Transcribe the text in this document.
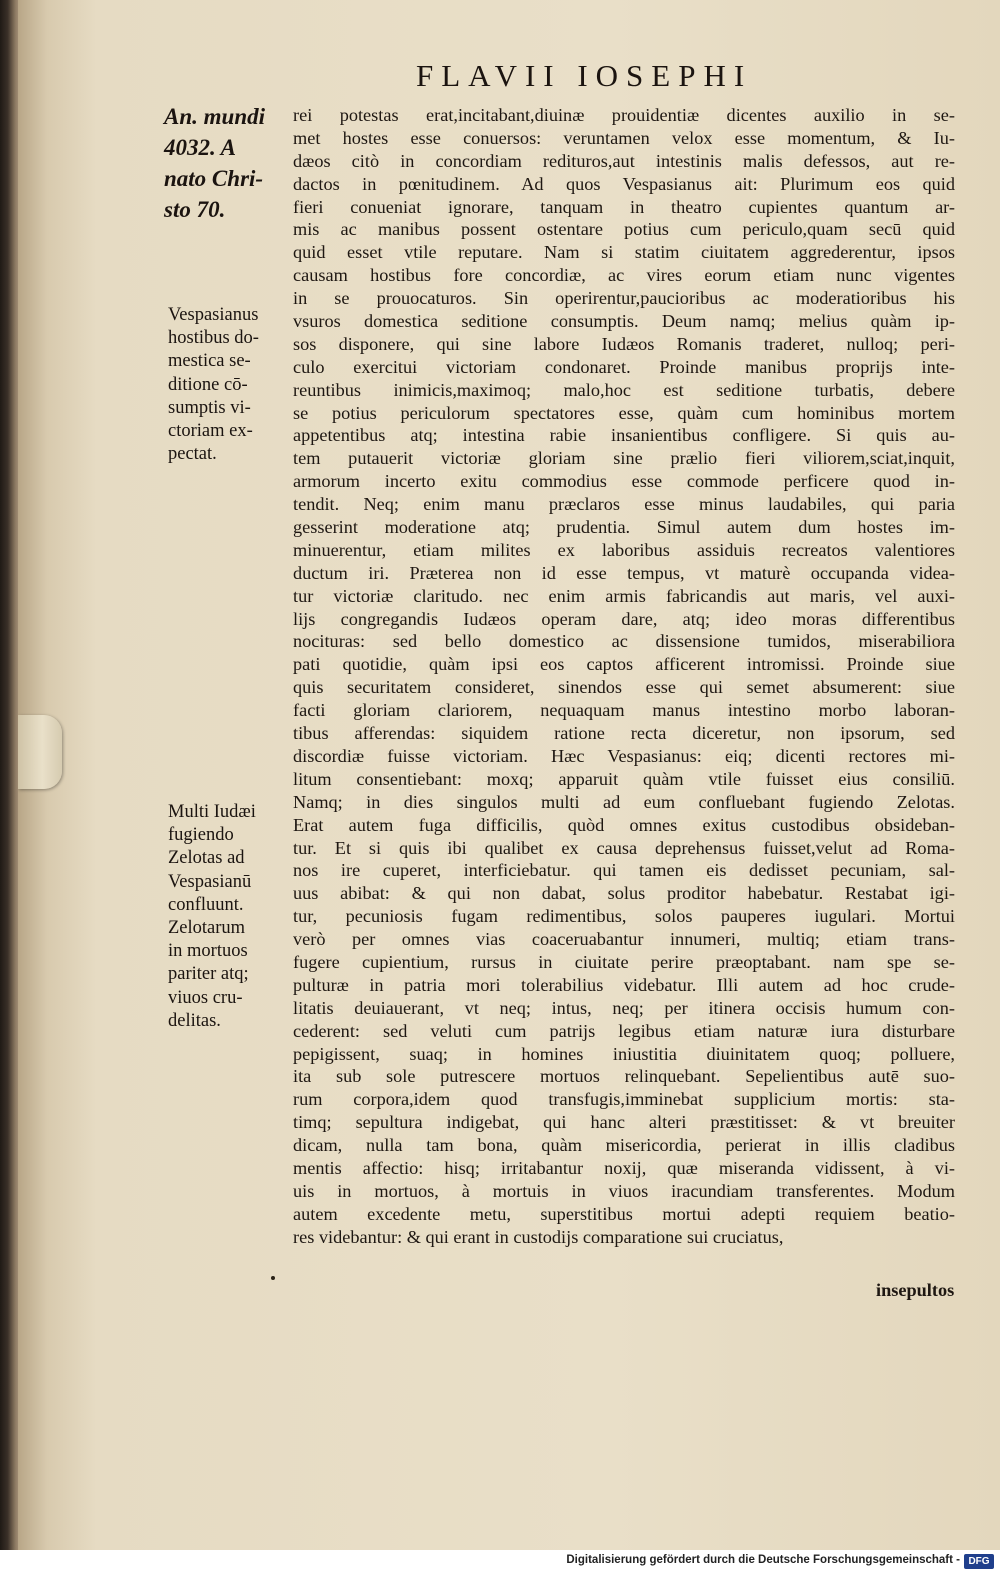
FLAVII IOSEPHI
An. mundi
4032. A
nato Chri-
sto 70.
Vespasianus
hostibus do-
mestica se-
ditione cō-
sumptis vi-
ctoriam ex-
pectat.
Multi Iudæi
fugiendo
Zelotas ad
Vespasianū
confluunt.
Zelotarum
in mortuos
pariter atq;
viuos cru-
delitas.
rei potestas erat,incitabant,diuinæ prouidentiæ dicentes auxilio in se-
met hostes esse conuersos: veruntamen velox esse momentum, & Iu-
dæos citò in concordiam redituros,aut intestinis malis defessos, aut re-
dactos in pœnitudinem. Ad quos Vespasianus ait: Plurimum eos quid
fieri conueniat ignorare, tanquam in theatro cupientes quantum ar-
mis ac manibus possent ostentare potius cum periculo,quam secū quid
quid esset vtile reputare. Nam si statim ciuitatem aggrederentur, ipsos
causam hostibus fore concordiæ, ac vires eorum etiam nunc vigentes
in se prouocaturos. Sin operirentur,paucioribus ac moderatioribus his
vsuros domestica seditione consumptis. Deum namq; melius quàm ip-
sos disponere, qui sine labore Iudæos Romanis traderet, nulloq; peri-
culo exercitui victoriam condonaret. Proinde manibus proprijs inte-
reuntibus inimicis,maximoq; malo,hoc est seditione turbatis, debere
se potius periculorum spectatores esse, quàm cum hominibus mortem
appetentibus atq; intestina rabie insanientibus confligere. Si quis au-
tem putauerit victoriæ gloriam sine prælio fieri viliorem,sciat,inquit,
armorum incerto exitu commodius esse commode perficere quod in-
tendit. Neq; enim manu præclaros esse minus laudabiles, qui paria
gesserint moderatione atq; prudentia. Simul autem dum hostes im-
minuerentur, etiam milites ex laboribus assiduis recreatos valentiores
ductum iri. Præterea non id esse tempus, vt maturè occupanda videa-
tur victoriæ claritudo. nec enim armis fabricandis aut maris, vel auxi-
lijs congregandis Iudæos operam dare, atq; ideo moras differentibus
nocituras: sed bello domestico ac dissensione tumidos, miserabiliora
pati quotidie, quàm ipsi eos captos afficerent intromissi. Proinde siue
quis securitatem consideret, sinendos esse qui semet absumerent: siue
facti gloriam clariorem, nequaquam manus intestino morbo laboran-
tibus afferendas: siquidem ratione recta diceretur, non ipsorum, sed
discordiæ fuisse victoriam. Hæc Vespasianus: eiq; dicenti rectores mi-
litum consentiebant: moxq; apparuit quàm vtile fuisset eius consiliū.
Namq; in dies singulos multi ad eum confluebant fugiendo Zelotas.
Erat autem fuga difficilis, quòd omnes exitus custodibus obsideban-
tur. Et si quis ibi qualibet ex causa deprehensus fuisset,velut ad Roma-
nos ire cuperet, interficiebatur. qui tamen eis dedisset pecuniam, sal-
uus abibat: & qui non dabat, solus proditor habebatur. Restabat igi-
tur, pecuniosis fugam redimentibus, solos pauperes iugulari. Mortui
verò per omnes vias coaceruabantur innumeri, multiq; etiam trans-
fugere cupientium, rursus in ciuitate perire præoptabant. nam spe se-
pulturæ in patria mori tolerabilius videbatur. Illi autem ad hoc crude-
litatis deuiauerant, vt neq; intus, neq; per itinera occisis humum con-
cederent: sed veluti cum patrijs legibus etiam naturæ iura disturbare
pepigissent, suaq; in homines iniustitia diuinitatem quoq; polluere,
ita sub sole putrescere mortuos relinquebant. Sepelientibus autē suo-
rum corpora,idem quod transfugis,imminebat supplicium mortis: sta-
timq; sepultura indigebat, qui hanc alteri præstitisset: & vt breuiter
dicam, nulla tam bona, quàm misericordia, perierat in illis cladibus
mentis affectio: hisq; irritabantur noxij, quæ miseranda vidissent, à vi-
uis in mortuos, à mortuis in viuos iracundiam transferentes. Modum
autem excedente metu, superstitibus mortui adepti requiem beatio-
res videbantur: & qui erant in custodijs comparatione sui cruciatus,
insepultos
Digitalisierung gefördert durch die Deutsche Forschungsgemeinschaft - DFG
